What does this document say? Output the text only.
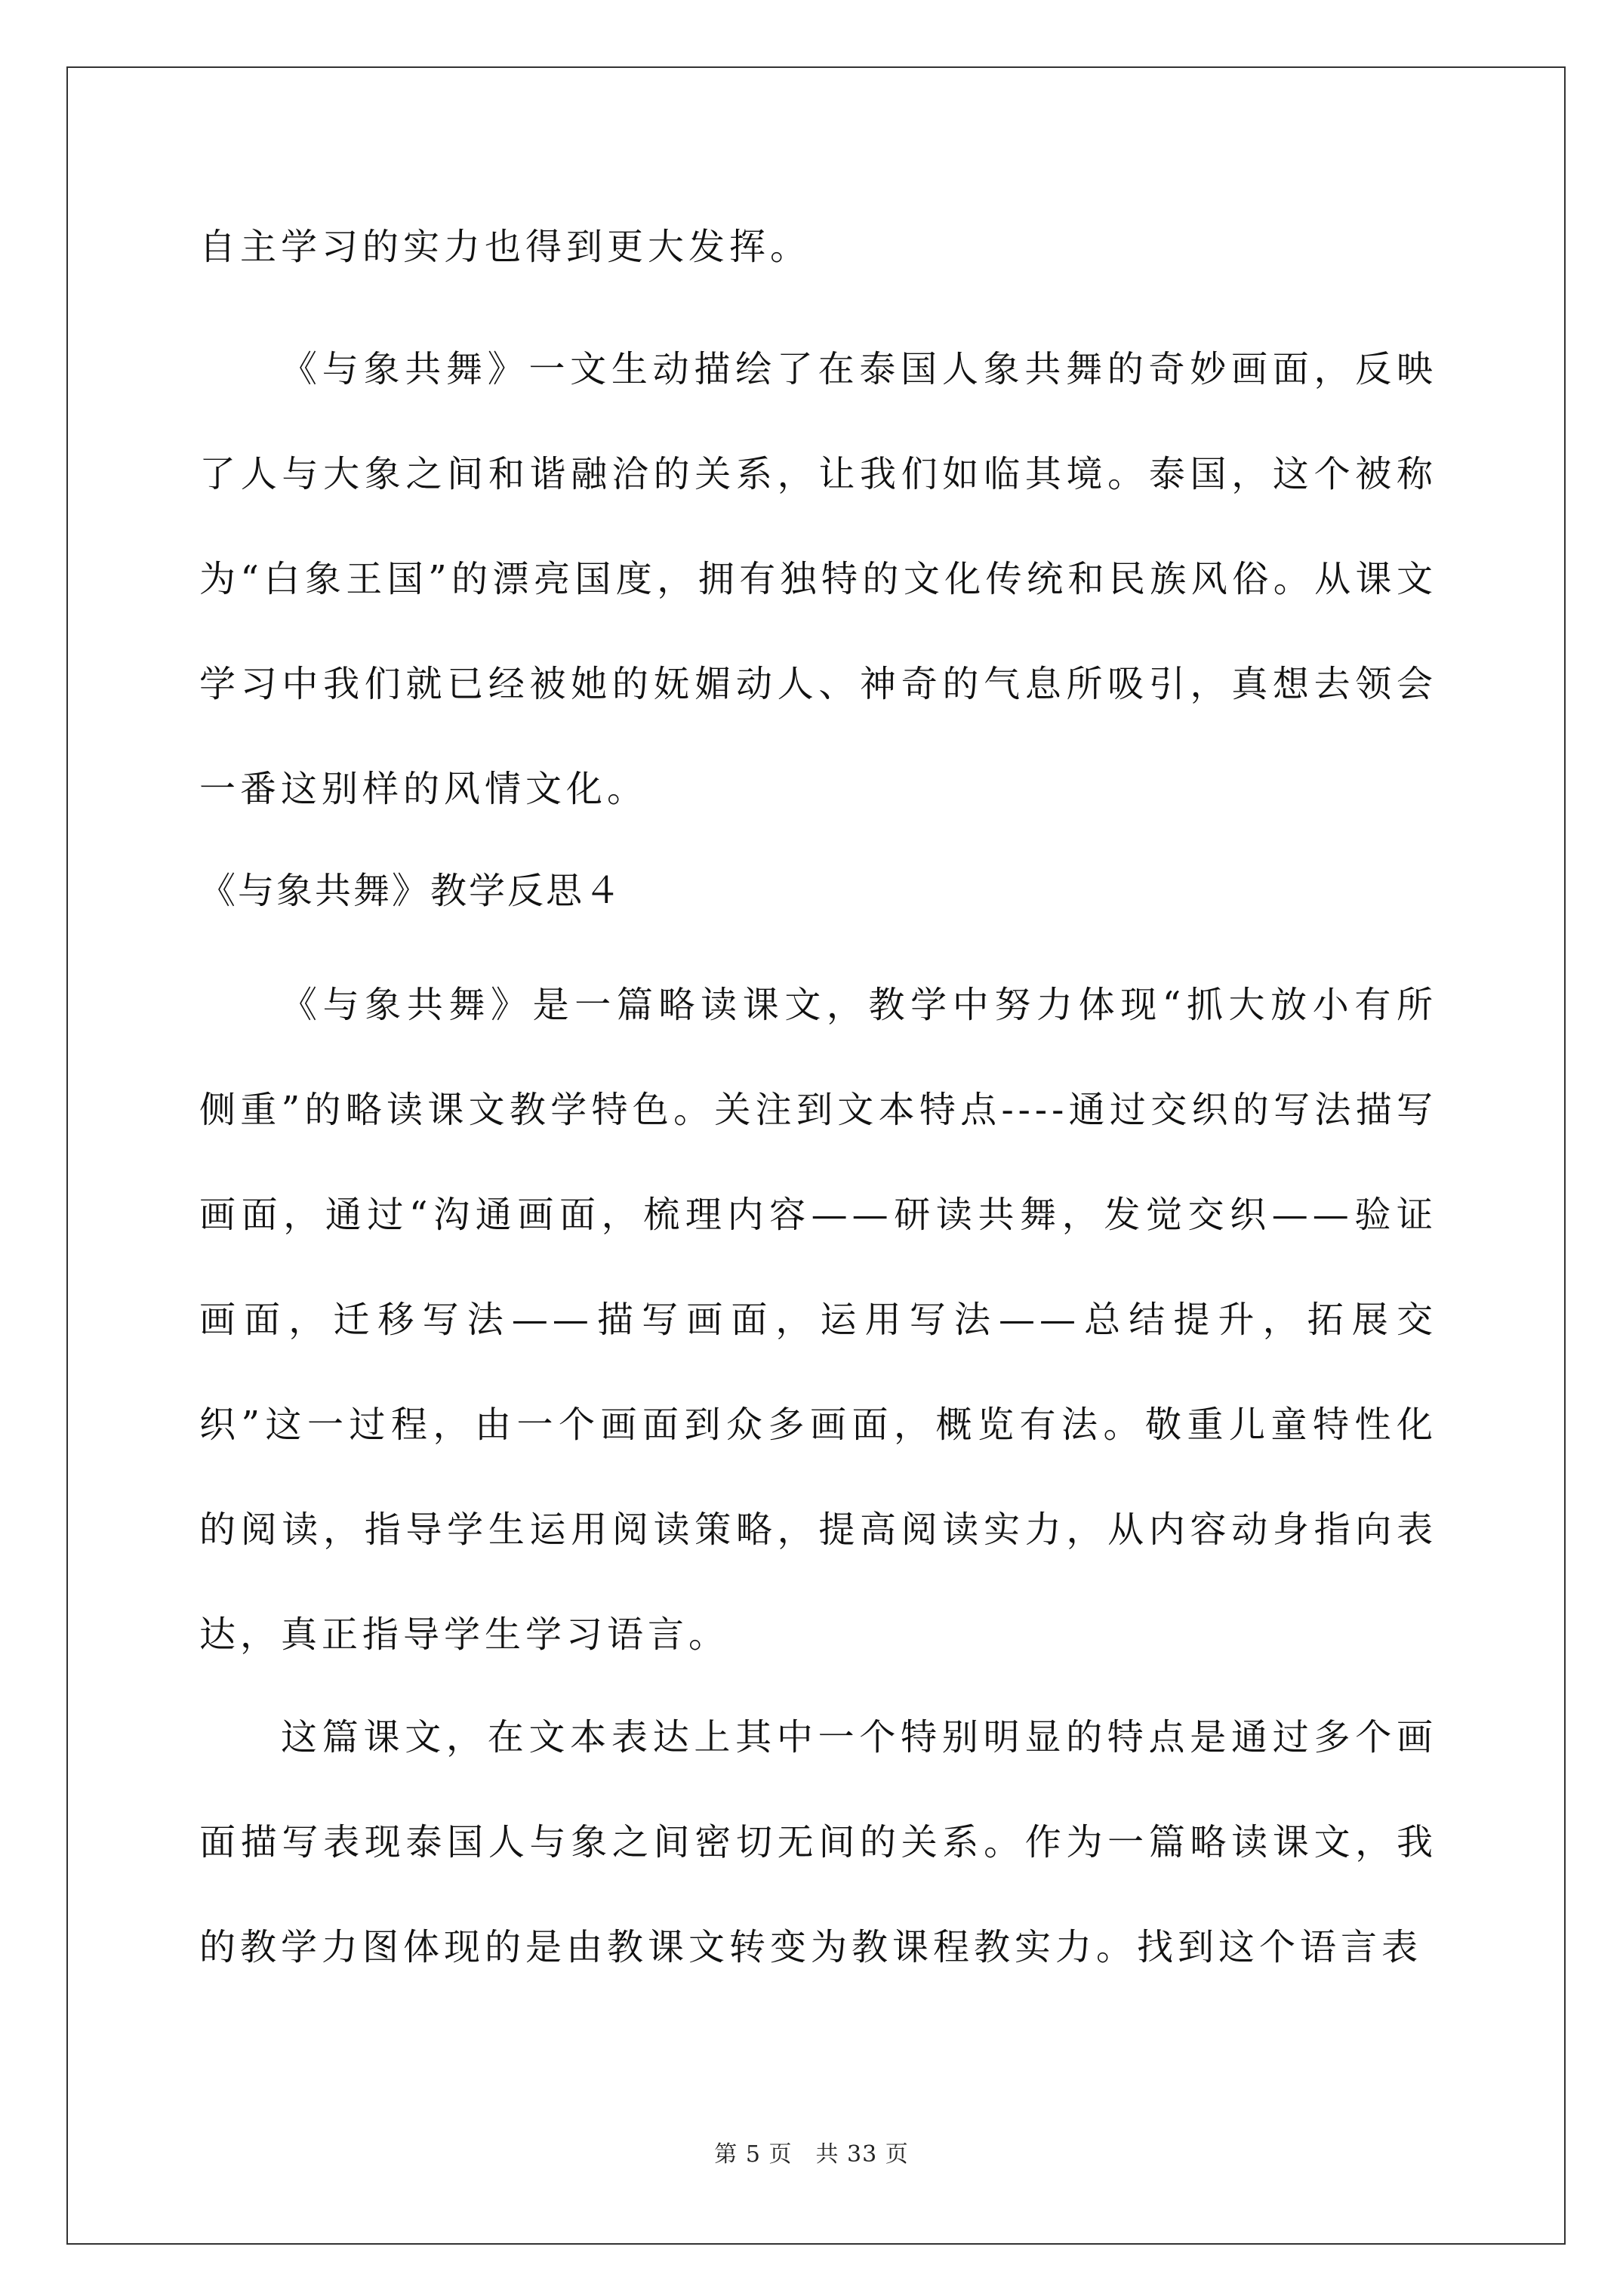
自主学习的实力也得到更大发挥。

《与象共舞》一文生动描绘了在泰国人象共舞的奇妙画面，反映了人与大象之间和谐融洽的关系，让我们如临其境。泰国，这个被称为“白象王国”的漂亮国度，拥有独特的文化传统和民族风俗。从课文学习中我们就已经被她的妩媚动人、神奇的气息所吸引，真想去领会一番这别样的风情文化。

《与象共舞》教学反思４

《与象共舞》是一篇略读课文，教学中努力体现“抓大放小有所侧重”的略读课文教学特色。关注到文本特点----通过交织的写法描写画面，通过“沟通画面，梳理内容——研读共舞，发觉交织——验证画面，迁移写法——描写画面，运用写法——总结提升，拓展交织”这一过程，由一个画面到众多画面，概览有法。敬重儿童特性化的阅读，指导学生运用阅读策略，提高阅读实力，从内容动身指向表达，真正指导学生学习语言。

这篇课文，在文本表达上其中一个特别明显的特点是通过多个画面描写表现泰国人与象之间密切无间的关系。作为一篇略读课文，我的教学力图体现的是由教课文转变为教课程教实力。找到这个语言表

第 5 页　共 33 页
